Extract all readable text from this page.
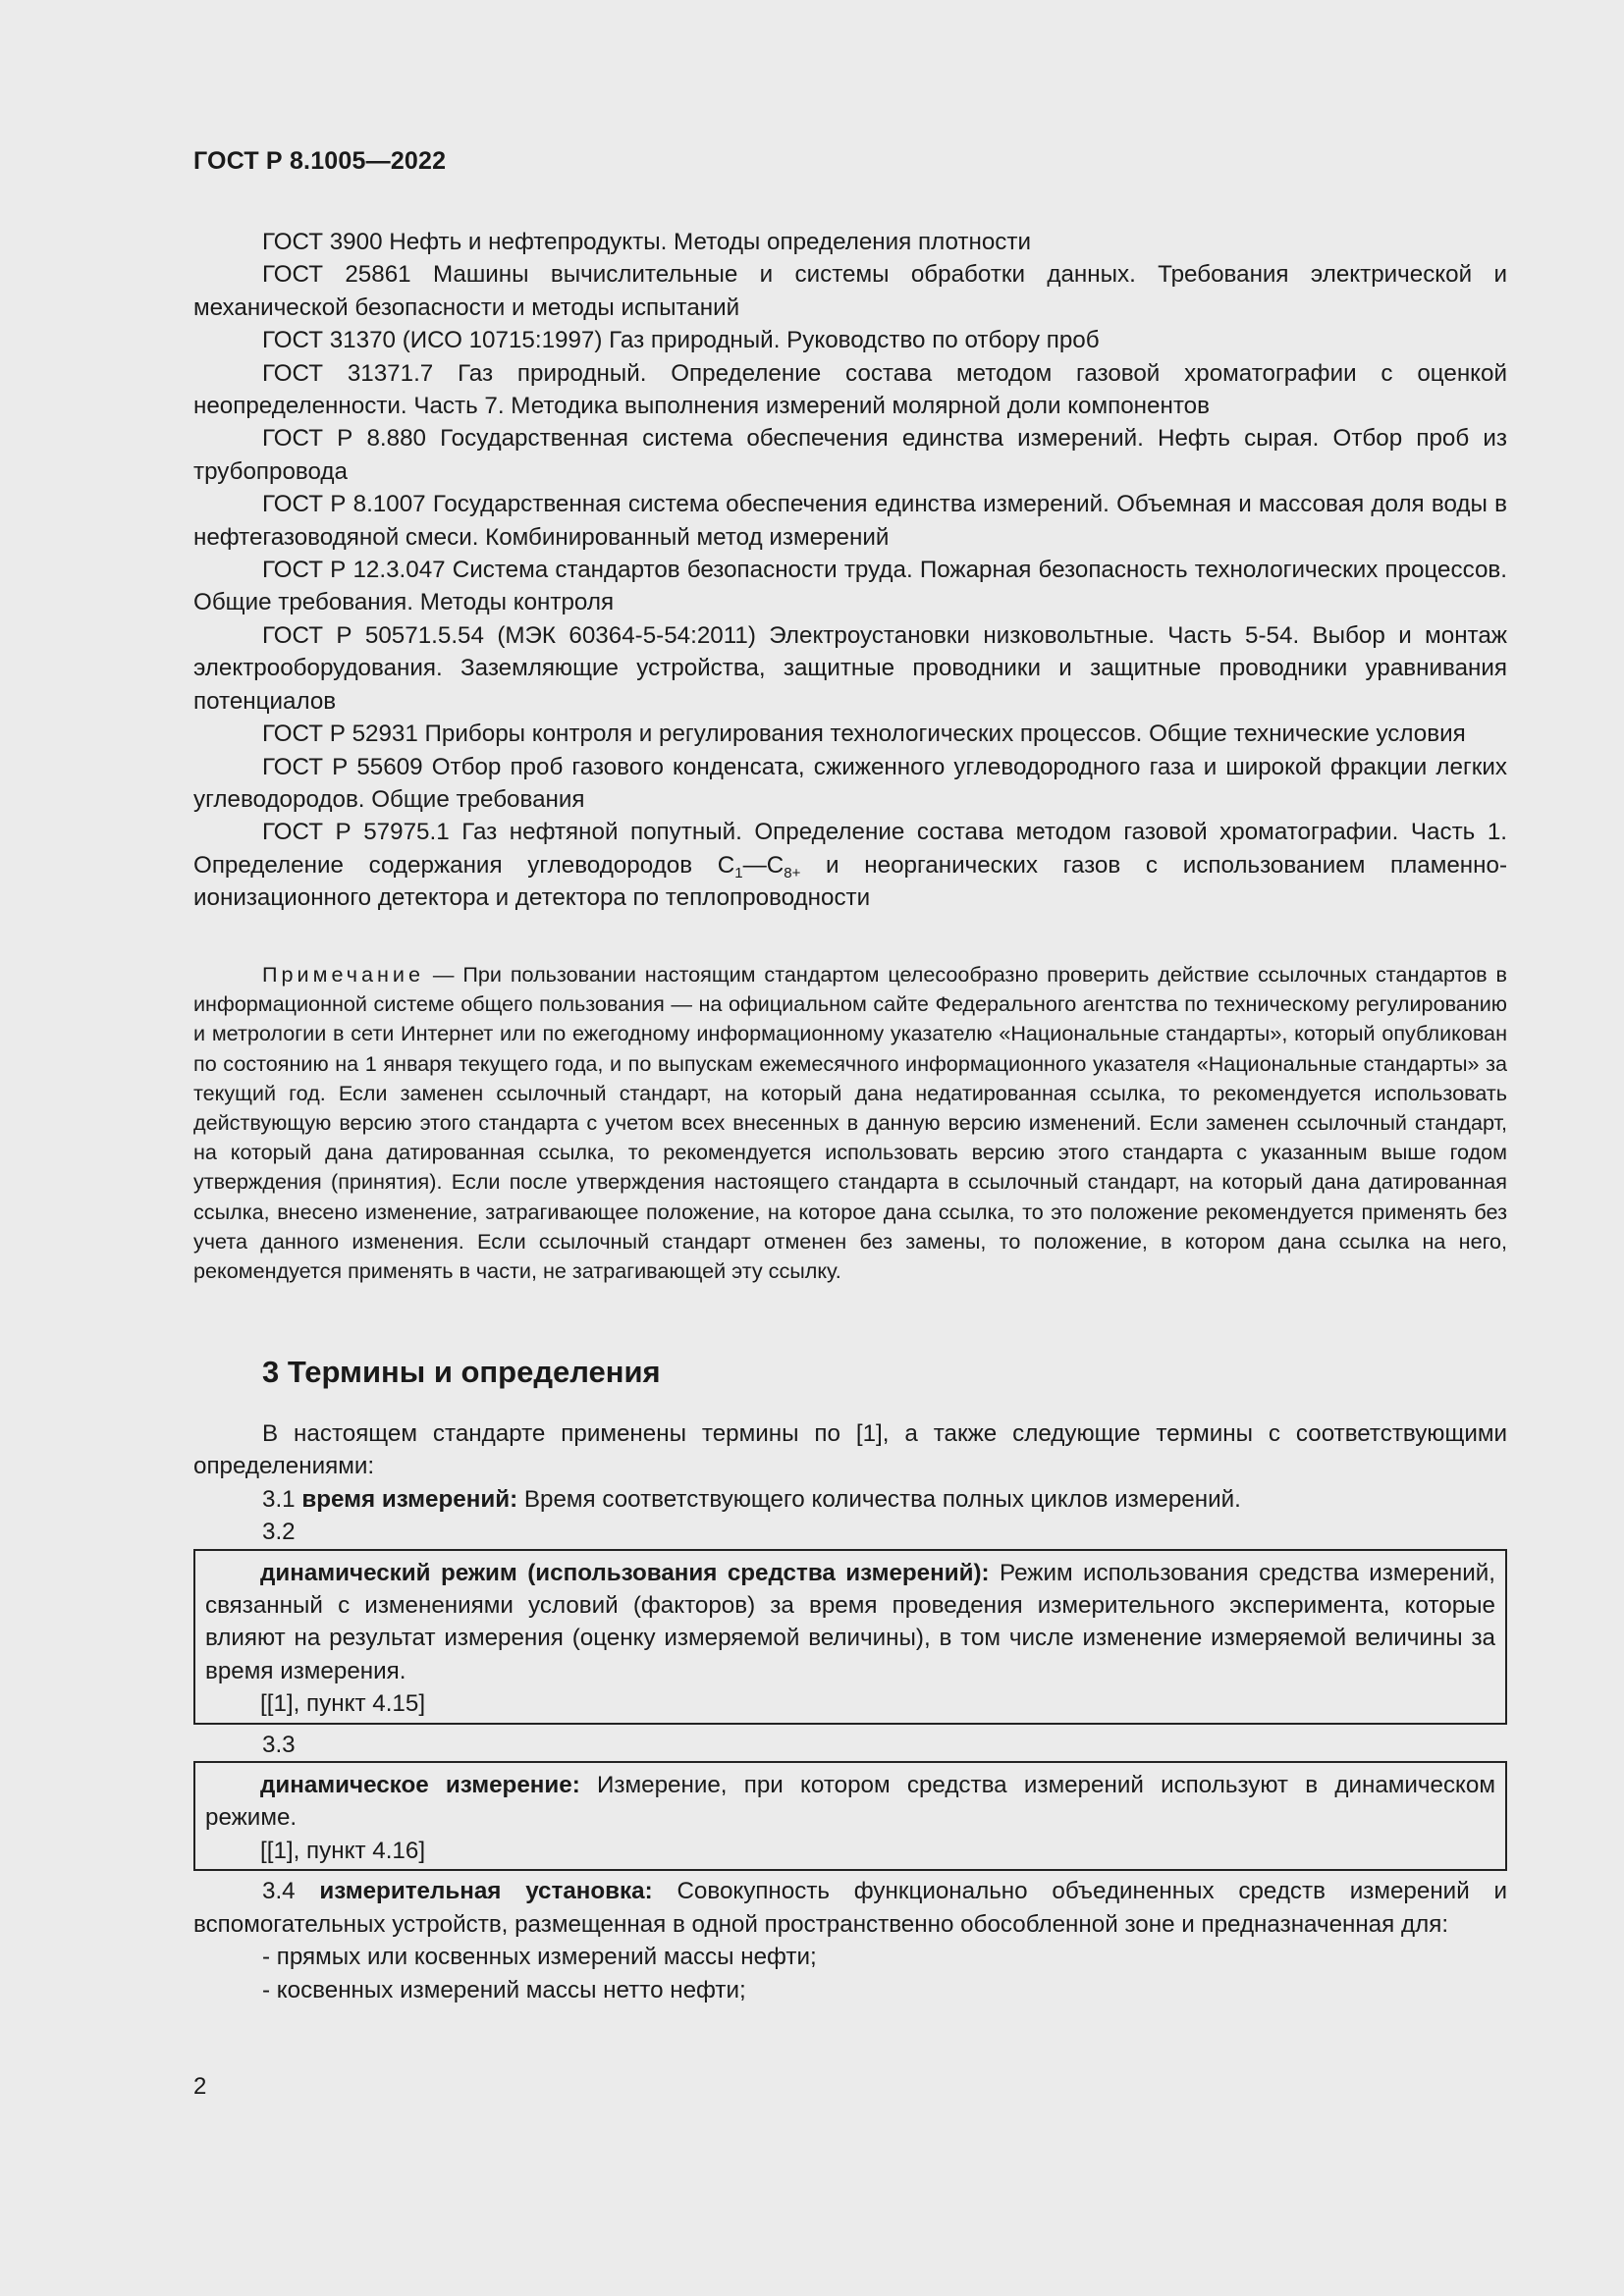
ГОСТ Р 8.1005—2022

ГОСТ 3900 Нефть и нефтепродукты. Методы определения плотности

ГОСТ 25861 Машины вычислительные и системы обработки данных. Требования электрической и механической безопасности и методы испытаний

ГОСТ 31370 (ИСО 10715:1997) Газ природный. Руководство по отбору проб

ГОСТ 31371.7 Газ природный. Определение состава методом газовой хроматографии с оценкой неопределенности. Часть 7. Методика выполнения измерений молярной доли компонентов

ГОСТ Р 8.880 Государственная система обеспечения единства измерений. Нефть сырая. Отбор проб из трубопровода

ГОСТ Р 8.1007 Государственная система обеспечения единства измерений. Объемная и массовая доля воды в нефтегазоводяной смеси. Комбинированный метод измерений

ГОСТ Р 12.3.047 Система стандартов безопасности труда. Пожарная безопасность технологических процессов. Общие требования. Методы контроля

ГОСТ Р 50571.5.54 (МЭК 60364-5-54:2011) Электроустановки низковольтные. Часть 5-54. Выбор и монтаж электрооборудования. Заземляющие устройства, защитные проводники и защитные проводники уравнивания потенциалов

ГОСТ Р 52931 Приборы контроля и регулирования технологических процессов. Общие технические условия

ГОСТ Р 55609 Отбор проб газового конденсата, сжиженного углеводородного газа и широкой фракции легких углеводородов. Общие требования

ГОСТ Р 57975.1 Газ нефтяной попутный. Определение состава методом газовой хроматографии. Часть 1. Определение содержания углеводородов $С_1—С_{8+}$ и неорганических газов с использованием пламенно-ионизационного детектора и детектора по теплопроводности

Примечание — При пользовании настоящим стандартом целесообразно проверить действие ссылочных стандартов в информационной системе общего пользования — на официальном сайте Федерального агентства по техническому регулированию и метрологии в сети Интернет или по ежегодному информационному указателю «Национальные стандарты», который опубликован по состоянию на 1 января текущего года, и по выпускам ежемесячного информационного указателя «Национальные стандарты» за текущий год. Если заменен ссылочный стандарт, на который дана недатированная ссылка, то рекомендуется использовать действующую версию этого стандарта с учетом всех внесенных в данную версию изменений. Если заменен ссылочный стандарт, на который дана датированная ссылка, то рекомендуется использовать версию этого стандарта с указанным выше годом утверждения (принятия). Если после утверждения настоящего стандарта в ссылочный стандарт, на который дана датированная ссылка, внесено изменение, затрагивающее положение, на которое дана ссылка, то это положение рекомендуется применять без учета данного изменения. Если ссылочный стандарт отменен без замены, то положение, в котором дана ссылка на него, рекомендуется применять в части, не затрагивающей эту ссылку.

3 Термины и определения

В настоящем стандарте применены термины по [1], а также следующие термины с соответствующими определениями:

3.1 время измерений: Время соответствующего количества полных циклов измерений.

3.2

динамический режим (использования средства измерений): Режим использования средства измерений, связанный с изменениями условий (факторов) за время проведения измерительного эксперимента, которые влияют на результат измерения (оценку измеряемой величины), в том числе изменение измеряемой величины за время измерения.

[[1], пункт 4.15]
3.3

динамическое измерение: Измерение, при котором средства измерений используют в динамическом режиме.

[[1], пункт 4.16]

3.4 измерительная установка: Совокупность функционально объединенных средств измерений и вспомогательных устройств, размещенная в одной пространственно обособленной зоне и предназначенная для:

- прямых или косвенных измерений массы нефти;
- косвенных измерений массы нетто нефти;
2
